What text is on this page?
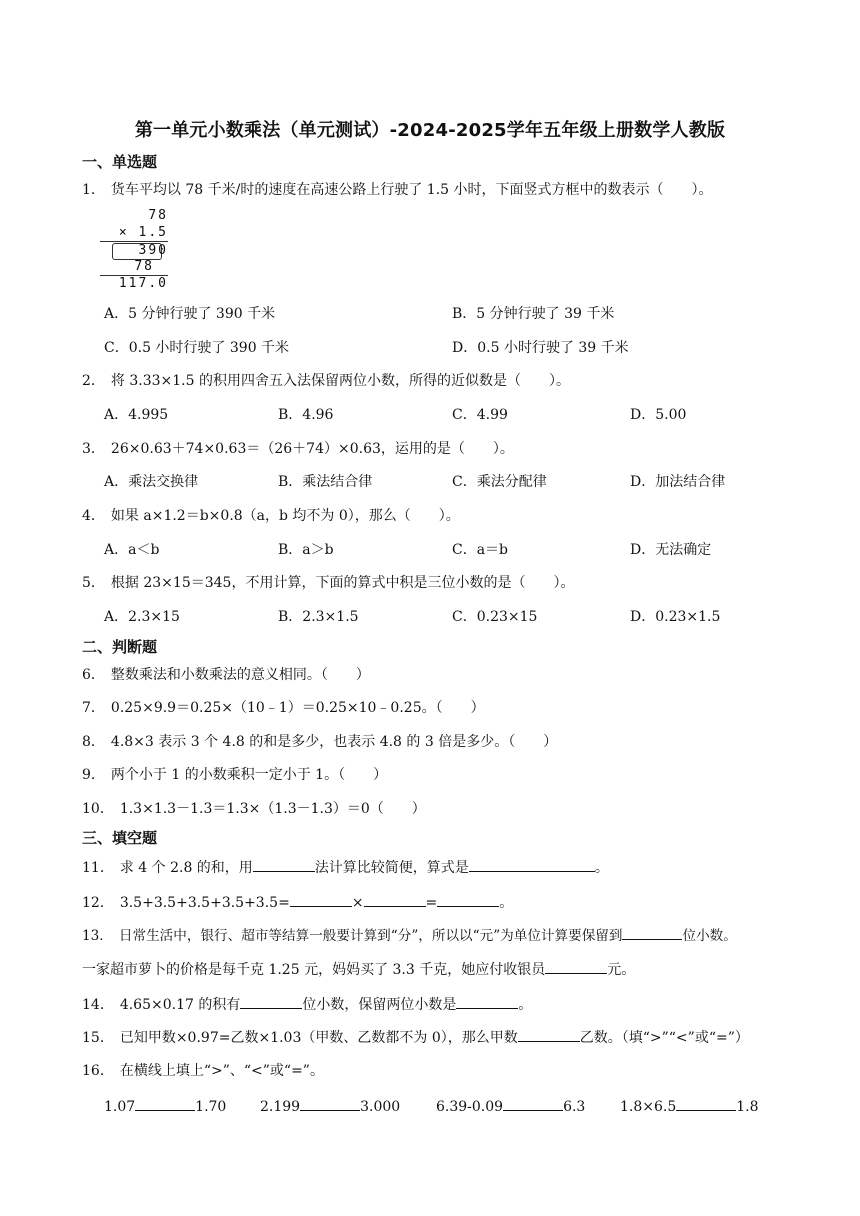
第一单元小数乘法（单元测试）-2024-2025学年五年级上册数学人教版
一、单选题
1． 货车平均以 78 千米/时的速度在高速公路上行驶了 1.5 小时，下面竖式方框中的数表示（　　）。
78
× 1.5
390
78
117.0
A．5 分钟行驶了 390 千米	B．5 分钟行驶了 39 千米
C．0.5 小时行驶了 390 千米	D．0.5 小时行驶了 39 千米
2． 将 3.33×1.5 的积用四舍五入法保留两位小数，所得的近似数是（　　）。
A．4.995	B．4.96	C．4.99	D．5.00
3． 26×0.63＋74×0.63＝（26＋74）×0.63，运用的是（　　）。
A．乘法交换律	B．乘法结合律	C．乘法分配律	D．加法结合律
4． 如果 a×1.2＝b×0.8（a，b 均不为 0），那么（　　）。
A．a＜b	B．a＞b	C．a＝b	D．无法确定
5． 根据 23×15＝345，不用计算，下面的算式中积是三位小数的是（　　）。
A．2.3×15	B．2.3×1.5	C．0.23×15	D．0.23×1.5
二、判断题
6． 整数乘法和小数乘法的意义相同。（　　）
7． 0.25×9.9＝0.25×（10﹣1）＝0.25×10﹣0.25。（　　）
8． 4.8×3 表示 3 个 4.8 的和是多少，也表示 4.8 的 3 倍是多少。（　　）
9． 两个小于 1 的小数乘积一定小于 1。（　　）
10． 1.3×1.3－1.3＝1.3×（1.3－1.3）＝0（　　）
三、填空题
11． 求 4 个 2.8 的和，用	法计算比较简便，算式是	。
12． 3.5+3.5+3.5+3.5+3.5=	×	=	。
13． 日常生活中，银行、超市等结算一般要计算到“分”，所以以“元”为单位计算要保留到	位小数。
一家超市萝卜的价格是每千克 1.25 元，妈妈买了 3.3 千克，她应付收银员	元。
14． 4.65×0.17 的积有	位小数，保留两位小数是	。
15． 已知甲数×0.97=乙数×1.03（甲数、乙数都不为 0），那么甲数	乙数。（填“>”“<”或“=”）
16． 在横线上填上“>”、“<”或“=”。
1.07	1.70 2.199	3.000	6.39-0.09	6.3 1.8×6.5	1.8
